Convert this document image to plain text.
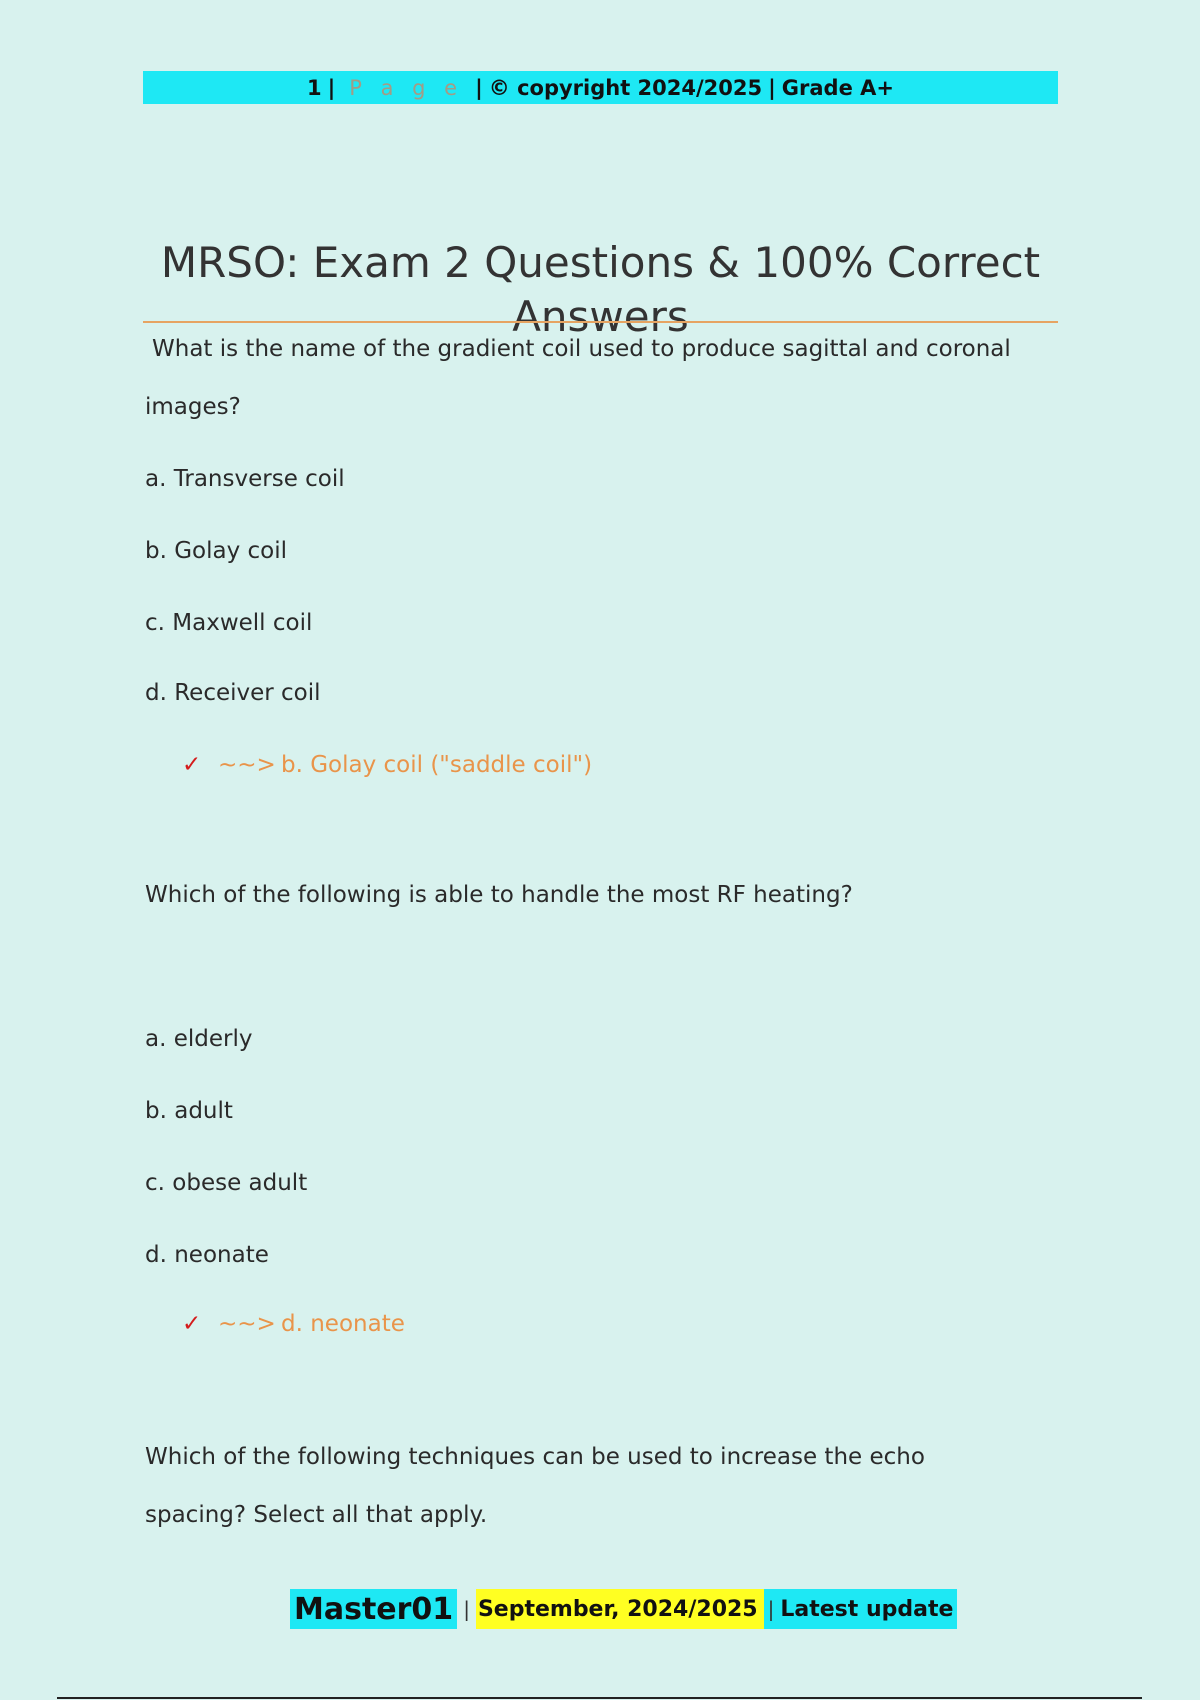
1 | P a g e | © copyright 2024/2025 | Grade A+
MRSO: Exam 2 Questions & 100% Correct Answers
What is the name of the gradient coil used to produce sagittal and coronal
images?
a. Transverse coil
b. Golay coil
c. Maxwell coil
d. Receiver coil
✓ ~~> b. Golay coil ("saddle coil")
Which of the following is able to handle the most RF heating?
a. elderly
b. adult
c. obese adult
d. neonate
✓ ~~> d. neonate
Which of the following techniques can be used to increase the echo
spacing? Select all that apply.
Master01 | September, 2024/2025 | Latest update
